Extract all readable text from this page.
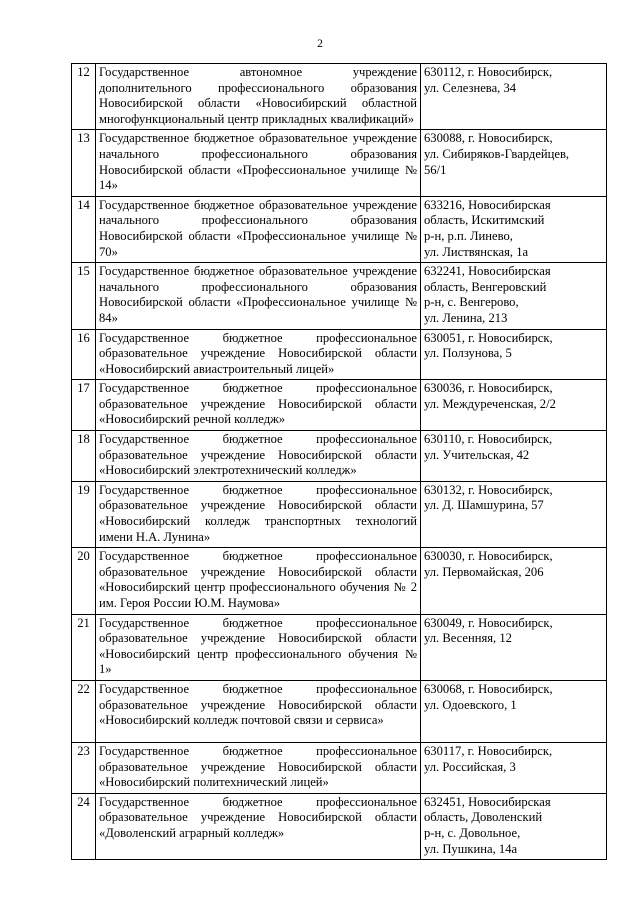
2
12	Государственное автономное учреждение дополнительного профессионального образования Новосибирской области «Новосибирский областной многофункциональный центр прикладных квалификаций»	630112, г. Новосибирск,
ул. Селезнева, 34
13	Государственное бюджетное образовательное учреждение начального профессионального образования Новосибирской области «Профессиональное училище № 14»	630088, г. Новосибирск,
ул. Сибиряков-Гвардейцев,
56/1
14	Государственное бюджетное образовательное учреждение начального профессионального образования Новосибирской области «Профессиональное училище № 70»	633216, Новосибирская
область, Искитимский
р-н, р.п. Линево,
ул. Листвянская, 1а
15	Государственное бюджетное образовательное учреждение начального профессионального образования Новосибирской области «Профессиональное училище № 84»	632241, Новосибирская
область, Венгеровский
р-н, с. Венгерово,
ул. Ленина, 213
16	Государственное бюджетное профессиональное образовательное учреждение Новосибирской области «Новосибирский авиастроительный лицей»	630051, г. Новосибирск,
ул. Ползунова, 5
17	Государственное бюджетное профессиональное образовательное учреждение Новосибирской области «Новосибирский речной колледж»	630036, г. Новосибирск,
ул. Междуреченская, 2/2
18	Государственное бюджетное профессиональное образовательное учреждение Новосибирской области «Новосибирский электротехнический колледж»	630110, г. Новосибирск,
ул. Учительская, 42
19	Государственное бюджетное профессиональное образовательное учреждение Новосибирской области «Новосибирский колледж транспортных технологий имени Н.А. Лунина»	630132, г. Новосибирск,
ул. Д. Шамшурина, 57
20	Государственное бюджетное профессиональное образовательное учреждение Новосибирской области «Новосибирский центр профессионального обучения № 2 им. Героя России Ю.М. Наумова»	630030, г. Новосибирск,
ул. Первомайская, 206
21	Государственное бюджетное профессиональное образовательное учреждение Новосибирской области «Новосибирский центр профессионального обучения № 1»	630049, г. Новосибирск,
ул. Весенняя, 12
22	Государственное бюджетное профессиональное образовательное учреждение Новосибирской области «Новосибирский колледж почтовой связи и сервиса»	630068, г. Новосибирск,
ул. Одоевского, 1
23	Государственное бюджетное профессиональное образовательное учреждение Новосибирской области «Новосибирский политехнический лицей»	630117, г. Новосибирск,
ул. Российская, 3
24	Государственное бюджетное профессиональное образовательное учреждение Новосибирской области «Доволенский аграрный колледж»	632451, Новосибирская
область, Доволенский
р-н, с. Довольное,
ул. Пушкина, 14а
